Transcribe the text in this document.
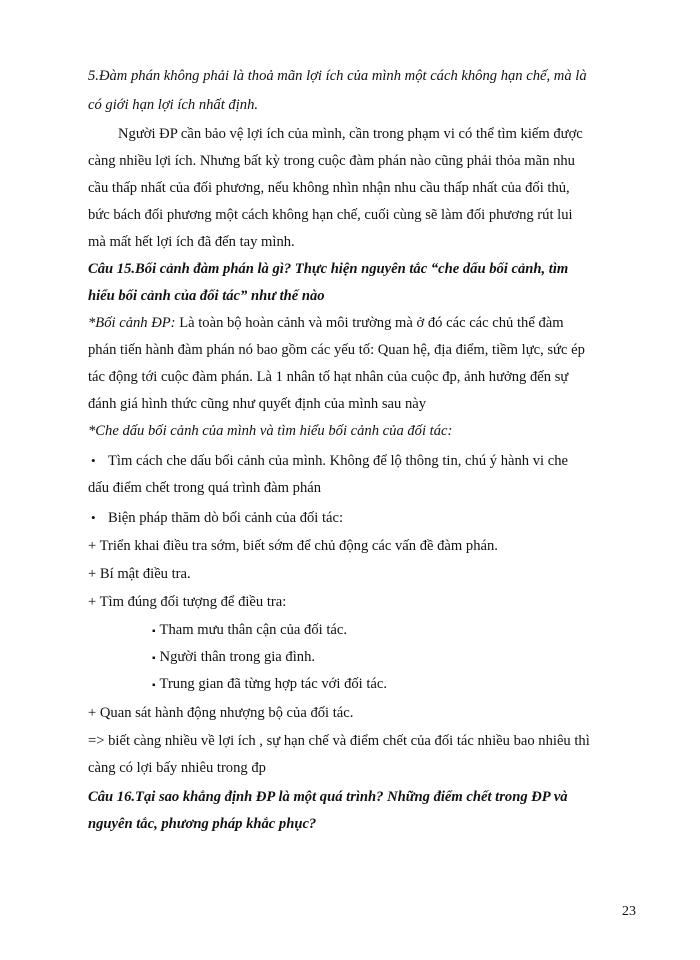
5.Đàm phán không phải là thoả mãn lợi ích của mình một cách không hạn chế, mà là
có giới hạn lợi ích nhất định.
Người ĐP cần bảo vệ lợi ích của mình, cần trong phạm vi có thể tìm kiếm được
càng nhiều lợi ích. Nhưng bất kỳ trong cuộc đàm phán nào cũng phải thỏa mãn nhu
cầu thấp nhất của đối phương, nếu không nhìn nhận nhu cầu thấp nhất của đối thủ,
bức bách đối phương một cách không hạn chế, cuối cùng sẽ làm đối phương rút lui
mà mất hết lợi ích đã đến tay mình.
Câu 15.Bối cảnh đàm phán là gì? Thực hiện nguyên tắc “che dấu bối cảnh, tìm
hiểu bối cảnh của đối tác” như thế nào
*Bối cảnh ĐP: Là toàn bộ hoàn cảnh và môi trường mà ở đó các các chủ thể đàm
phán tiến hành đàm phán nó bao gồm các yếu tố: Quan hệ, địa điểm, tiềm lực, sức ép
tác động tới cuộc đàm phán. Là 1 nhân tố hạt nhân của cuộc đp, ảnh hưởng đến sự
đánh giá hình thức cũng như quyết định của mình sau này
*Che dấu bối cảnh của mình và tìm hiểu bối cảnh của đối tác:
• Tìm cách che dấu bối cảnh của mình. Không để lộ thông tin, chú ý hành vi che
dấu điểm chết trong quá trình đàm phán
• Biện pháp thăm dò bối cảnh của đối tác:
+ Triển khai điều tra sớm, biết sớm để chủ động các vấn đề đàm phán.
+ Bí mật điều tra.
+ Tìm đúng đối tượng để điều tra:
▪ Tham mưu thân cận của đối tác.
▪ Người thân trong gia đình.
▪ Trung gian đã từng hợp tác với đối tác.
+ Quan sát hành động nhượng bộ của đối tác.
=> biết càng nhiều về lợi ích , sự hạn chế và điểm chết của đối tác nhiều bao nhiêu thì
càng có lợi bấy nhiêu trong đp
Câu 16.Tại sao khẳng định ĐP là một quá trình? Những điểm chết trong ĐP và
nguyên tắc, phương pháp khắc phục?
23
